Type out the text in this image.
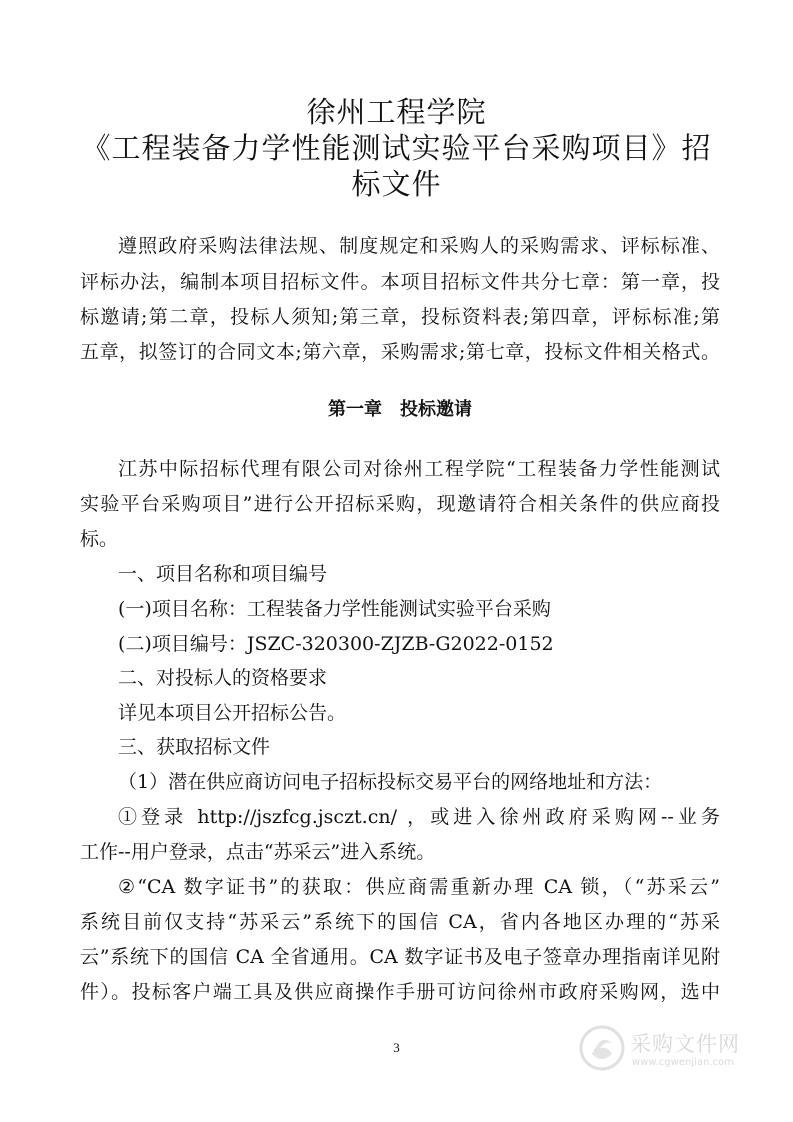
徐州工程学院
《工程装备力学性能测试实验平台采购项目》招
标文件
遵照政府采购法律法规、制度规定和采购人的采购需求、评标标准、
评标办法，编制本项目招标文件。本项目招标文件共分七章：第一章，投
标邀请;第二章，投标人须知;第三章，投标资料表;第四章，评标标准;第
五章，拟签订的合同文本;第六章，采购需求;第七章，投标文件相关格式。
第一章　投标邀请
江苏中际招标代理有限公司对徐州工程学院“工程装备力学性能测试
实验平台采购项目”进行公开招标采购，现邀请符合相关条件的供应商投
标。
一、项目名称和项目编号
(一)项目名称：工程装备力学性能测试实验平台采购
(二)项目编号：JSZC-320300-ZJZB-G2022-0152
二、对投标人的资格要求
详见本项目公开招标公告。
三、获取招标文件
（1）潜在供应商访问电子招标投标交易平台的网络地址和方法：
①登录 http://jszfcg.jsczt.cn/ ，或进入徐州政府采购网--业务
工作--用户登录，点击“苏采云”进入系统。
②“CA 数字证书”的获取：供应商需重新办理 CA 锁，（“苏采云”
系统目前仅支持“苏采云”系统下的国信 CA，省内各地区办理的“苏采
云”系统下的国信 CA 全省通用。CA 数字证书及电子签章办理指南详见附
件）。投标客户端工具及供应商操作手册可访问徐州市政府采购网，选中
3	采购文件网
www.cgwenjian.com
